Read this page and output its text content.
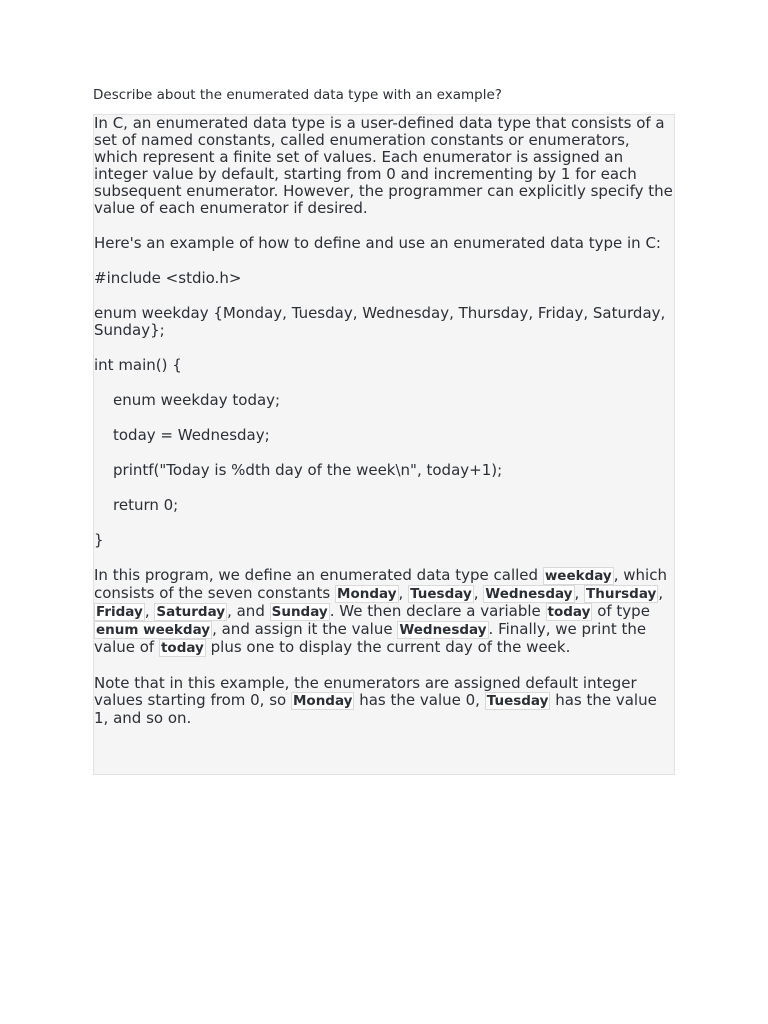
Describe about the enumerated data type with an example?

In C, an enumerated data type is a user-defined data type that consists of a set of named constants, called enumeration constants or enumerators, which represent a finite set of values. Each enumerator is assigned an integer value by default, starting from 0 and incrementing by 1 for each subsequent enumerator. However, the programmer can explicitly specify the value of each enumerator if desired.

Here's an example of how to define and use an enumerated data type in C:

#include <stdio.h>

enum weekday {Monday, Tuesday, Wednesday, Thursday, Friday, Saturday, Sunday};

int main() {
enum weekday today;
today = Wednesday;
printf("Today is %dth day of the week\n", today+1);
return 0;
}

In this program, we define an enumerated data type called weekday , which consists of the seven constants Monday , Tuesday , Wednesday , Thursday , Friday , Saturday , and Sunday . We then declare a variable today of type enum weekday , and assign it the value Wednesday . Finally, we print the value of today plus one to display the current day of the week.

Note that in this example, the enumerators are assigned default integer values starting from 0, so Monday has the value 0, Tuesday has the value 1, and so on.
